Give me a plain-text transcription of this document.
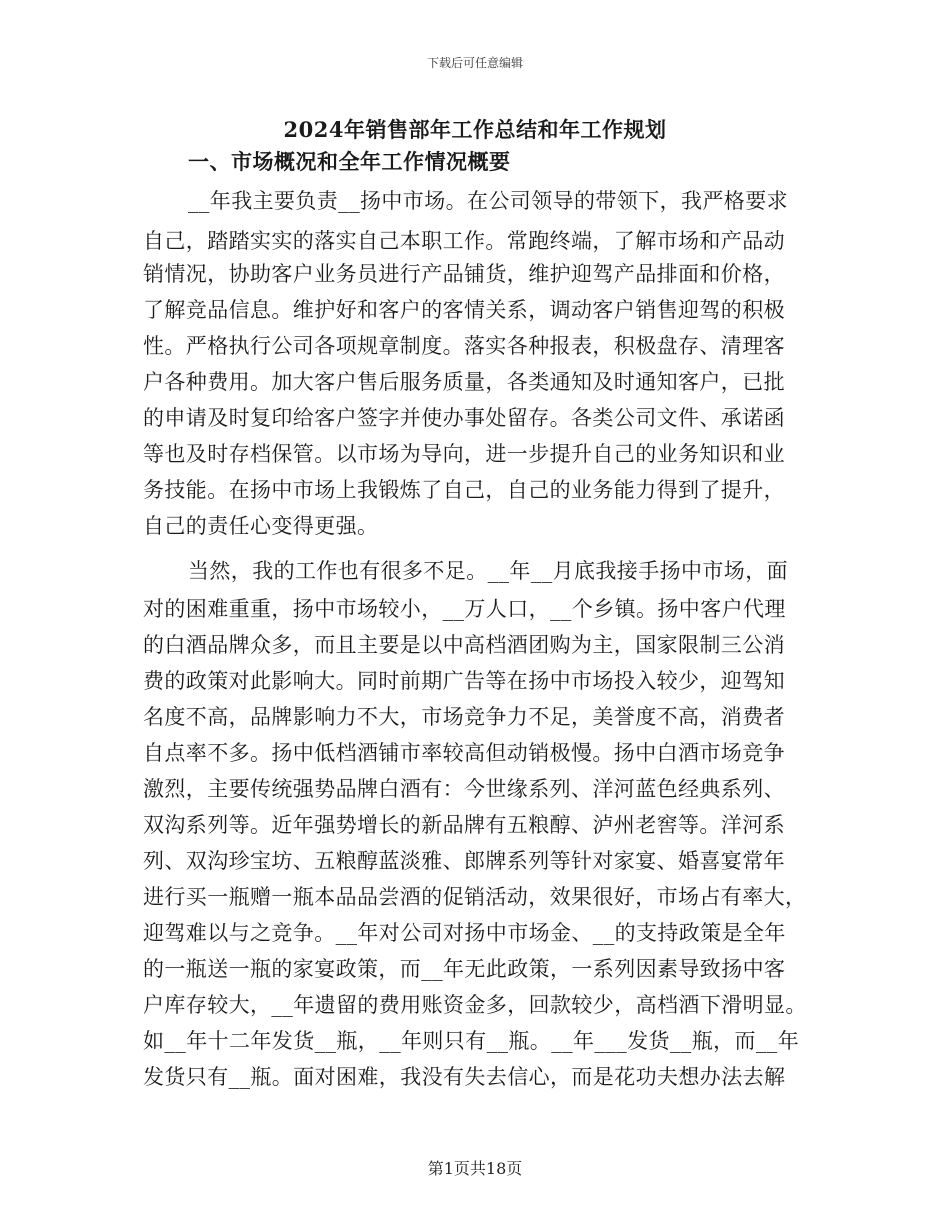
下载后可任意编辑
2024年销售部年工作总结和年工作规划
一、市场概况和全年工作情况概要
__年我主要负责__扬中市场。在公司领导的带领下，我严格要求
自己，踏踏实实的落实自己本职工作。常跑终端，了解市场和产品动
销情况，协助客户业务员进行产品铺货，维护迎驾产品排面和价格，
了解竞品信息。维护好和客户的客情关系，调动客户销售迎驾的积极
性。严格执行公司各项规章制度。落实各种报表，积极盘存、清理客
户各种费用。加大客户售后服务质量，各类通知及时通知客户，已批
的申请及时复印给客户签字并使办事处留存。各类公司文件、承诺函
等也及时存档保管。以市场为导向，进一步提升自己的业务知识和业
务技能。在扬中市场上我锻炼了自己，自己的业务能力得到了提升，
自己的责任心变得更强。
当然，我的工作也有很多不足。__年__月底我接手扬中市场，面
对的困难重重，扬中市场较小，__万人口，__个乡镇。扬中客户代理
的白酒品牌众多，而且主要是以中高档酒团购为主，国家限制三公消
费的政策对此影响大。同时前期广告等在扬中市场投入较少，迎驾知
名度不高，品牌影响力不大，市场竞争力不足，美誉度不高，消费者
自点率不多。扬中低档酒铺市率较高但动销极慢。扬中白酒市场竞争
激烈，主要传统强势品牌白酒有：今世缘系列、洋河蓝色经典系列、
双沟系列等。近年强势增长的新品牌有五粮醇、泸州老窖等。洋河系
列、双沟珍宝坊、五粮醇蓝淡雅、郎牌系列等针对家宴、婚喜宴常年
进行买一瓶赠一瓶本品品尝酒的促销活动，效果很好，市场占有率大，
迎驾难以与之竞争。__年对公司对扬中市场金、__的支持政策是全年
的一瓶送一瓶的家宴政策，而__年无此政策，一系列因素导致扬中客
户库存较大，__年遗留的费用账资金多，回款较少，高档酒下滑明显。
如__年十二年发货__瓶，__年则只有__瓶。__年___发货__瓶，而__年
发货只有__瓶。面对困难，我没有失去信心，而是花功夫想办法去解
第1页共18页
